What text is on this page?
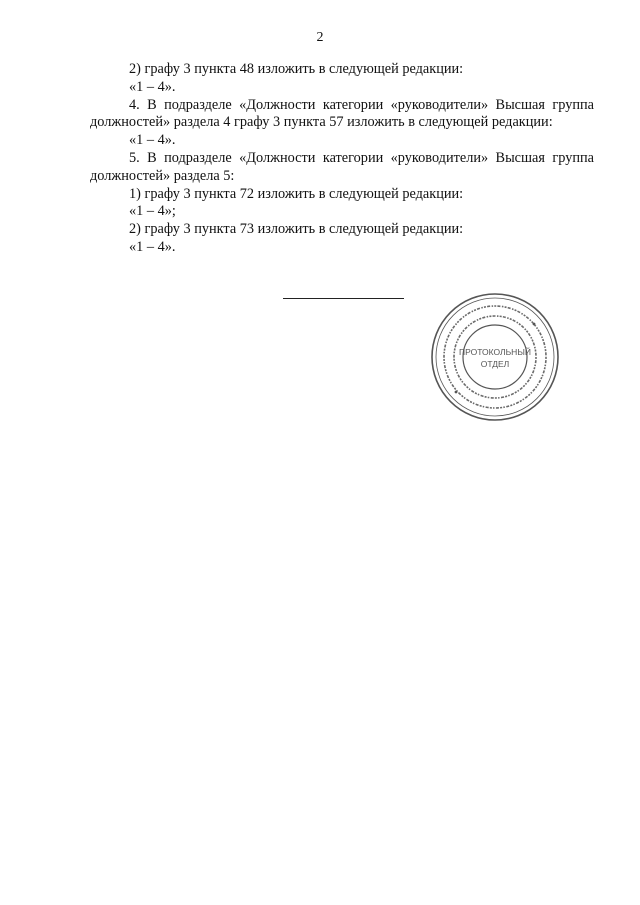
2

2) графу 3 пункта 48 изложить в следующей редакции:

«1 – 4».

4. В подразделе «Должности категории «руководители» Высшая группа должностей» раздела 4 графу 3 пункта 57 изложить в следующей редакции:

«1 – 4».

5. В подразделе «Должности категории «руководители» Высшая группа должностей» раздела 5:

1) графу 3 пункта 72 изложить в следующей редакции:

«1 – 4»;

2) графу 3 пункта 73 изложить в следующей редакции:

«1 – 4».

ПРОТОКОЛЬНЫЙ
ОТДЕЛ
